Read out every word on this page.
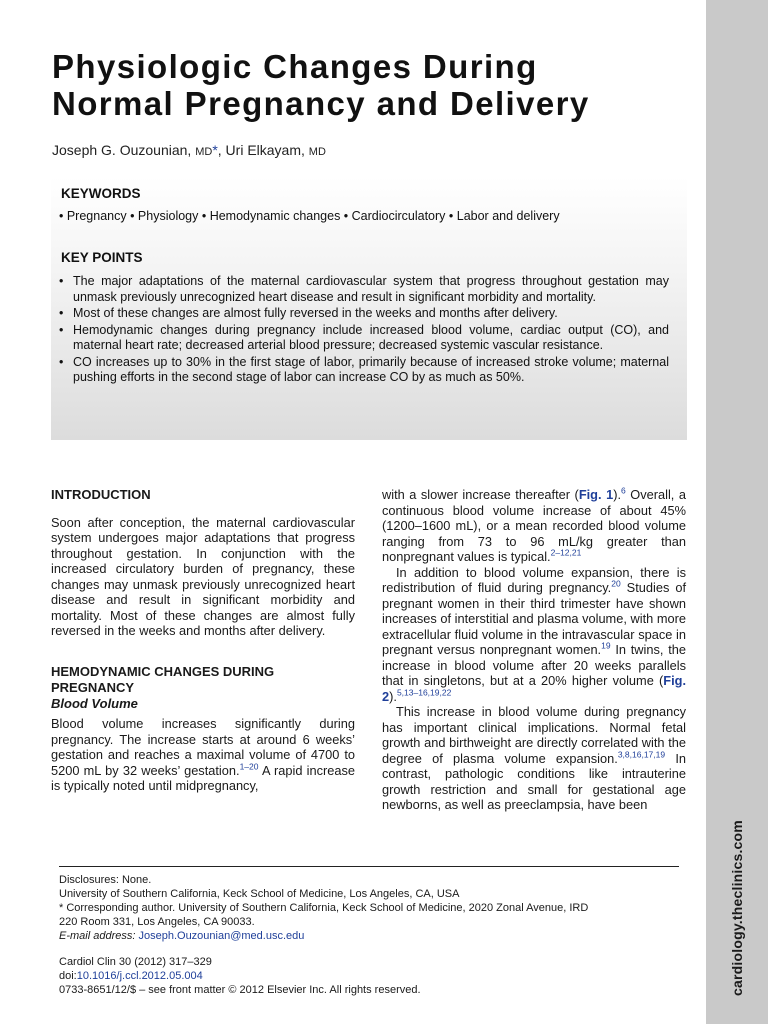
cardiology.theclinics.com
Physiologic Changes During
Normal Pregnancy and Delivery
Joseph G. Ouzounian, MD*, Uri Elkayam, MD
KEYWORDS
• Pregnancy • Physiology • Hemodynamic changes • Cardiocirculatory • Labor and delivery
KEY POINTS
• The major adaptations of the maternal cardiovascular system that progress throughout gestation may unmask previously unrecognized heart disease and result in significant morbidity and mortality.
• Most of these changes are almost fully reversed in the weeks and months after delivery.
• Hemodynamic changes during pregnancy include increased blood volume, cardiac output (CO), and maternal heart rate; decreased arterial blood pressure; decreased systemic vascular resistance.
• CO increases up to 30% in the first stage of labor, primarily because of increased stroke volume; maternal pushing efforts in the second stage of labor can increase CO by as much as 50%.
INTRODUCTION

Soon after conception, the maternal cardiovascular system undergoes major adaptations that progress throughout gestation. In conjunction with the increased circulatory burden of pregnancy, these changes may unmask previously unrecognized heart disease and result in significant morbidity and mortality. Most of these changes are almost fully reversed in the weeks and months after delivery.

HEMODYNAMIC CHANGES DURING
PREGNANCY
Blood Volume

Blood volume increases significantly during pregnancy. The increase starts at around 6 weeks’ gestation and reaches a maximal volume of 4700 to 5200 mL by 32 weeks’ gestation.$^{1-20}$ A rapid increase is typically noted until midpregnancy,

with a slower increase thereafter (Fig. 1).$^6$ Overall, a continuous blood volume increase of about 45% (1200–1600 mL), or a mean recorded blood volume ranging from 73 to 96 mL/kg greater than nonpregnant values is typical.$^{2-12,21}$

In addition to blood volume expansion, there is redistribution of fluid during pregnancy.$^{20}$ Studies of pregnant women in their third trimester have shown increases of interstitial and plasma volume, with more extracellular fluid volume in the intravascular space in pregnant versus nonpregnant women.$^{19}$ In twins, the increase in blood volume after 20 weeks parallels that in singletons, but at a 20% higher volume (Fig. 2).$^{5,13-16,19,22}$

This increase in blood volume during pregnancy has important clinical implications. Normal fetal growth and birthweight are directly correlated with the degree of plasma volume expansion.$^{3,8,16,17,19}$ In contrast, pathologic conditions like intrauterine growth restriction and small for gestational age newborns, as well as preeclampsia, have been

Disclosures: None.
University of Southern California, Keck School of Medicine, Los Angeles, CA, USA
* Corresponding author. University of Southern California, Keck School of Medicine, 2020 Zonal Avenue, IRD
220 Room 331, Los Angeles, CA 90033.
E-mail address: Joseph.Ouzounian@med.usc.edu
Cardiol Clin 30 (2012) 317–329
doi:10.1016/j.ccl.2012.05.004
0733-8651/12/$ – see front matter © 2012 Elsevier Inc. All rights reserved.
